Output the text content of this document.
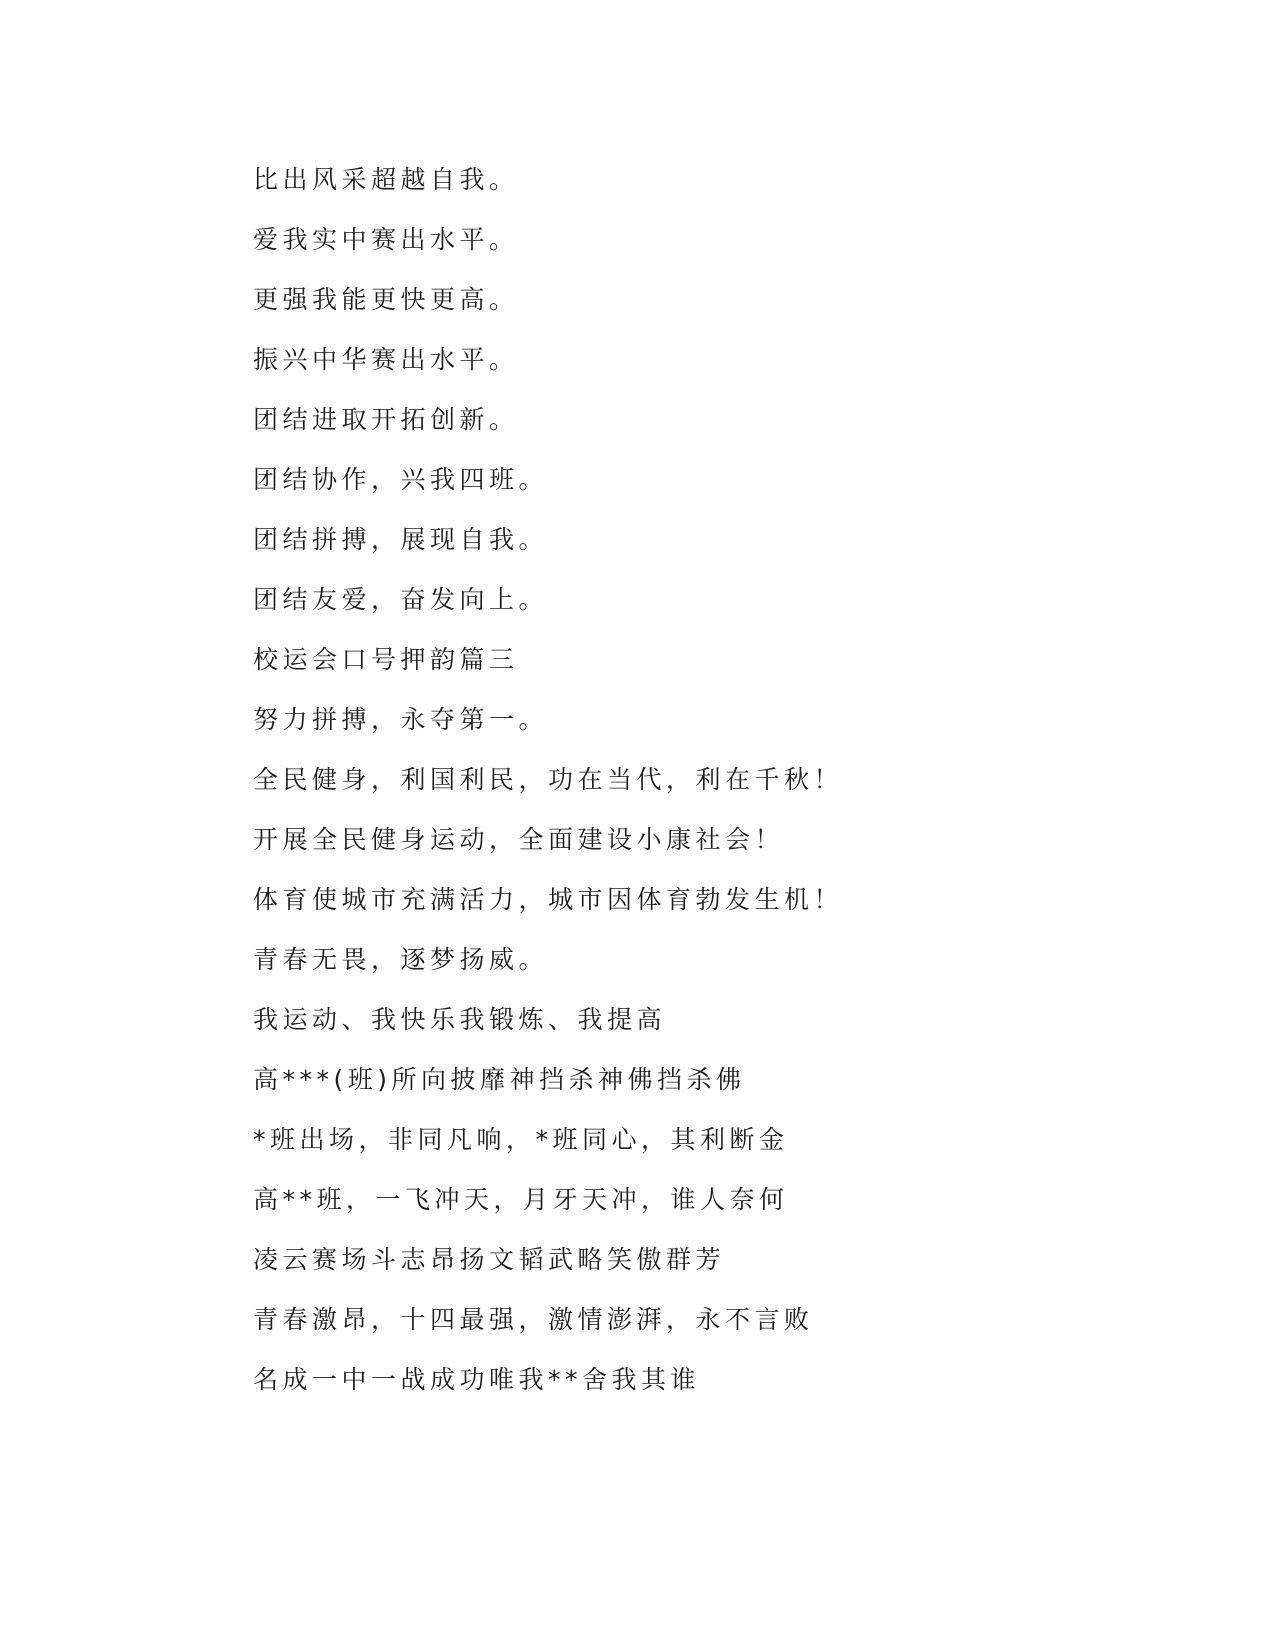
比出风采超越自我。
爱我实中赛出水平。
更强我能更快更高。
振兴中华赛出水平。
团结进取开拓创新。
团结协作，兴我四班。
团结拼搏，展现自我。
团结友爱，奋发向上。
校运会口号押韵篇三
努力拼搏，永夺第一。
全民健身，利国利民，功在当代，利在千秋！
开展全民健身运动，全面建设小康社会！
体育使城市充满活力，城市因体育勃发生机！
青春无畏，逐梦扬威。
我运动、我快乐我锻炼、我提高
高***(班)所向披靡神挡杀神佛挡杀佛
*班出场，非同凡响，*班同心，其利断金
高**班，一飞冲天，月牙天冲，谁人奈何
凌云赛场斗志昂扬文韬武略笑傲群芳
青春激昂，十四最强，激情澎湃，永不言败
名成一中一战成功唯我**舍我其谁
